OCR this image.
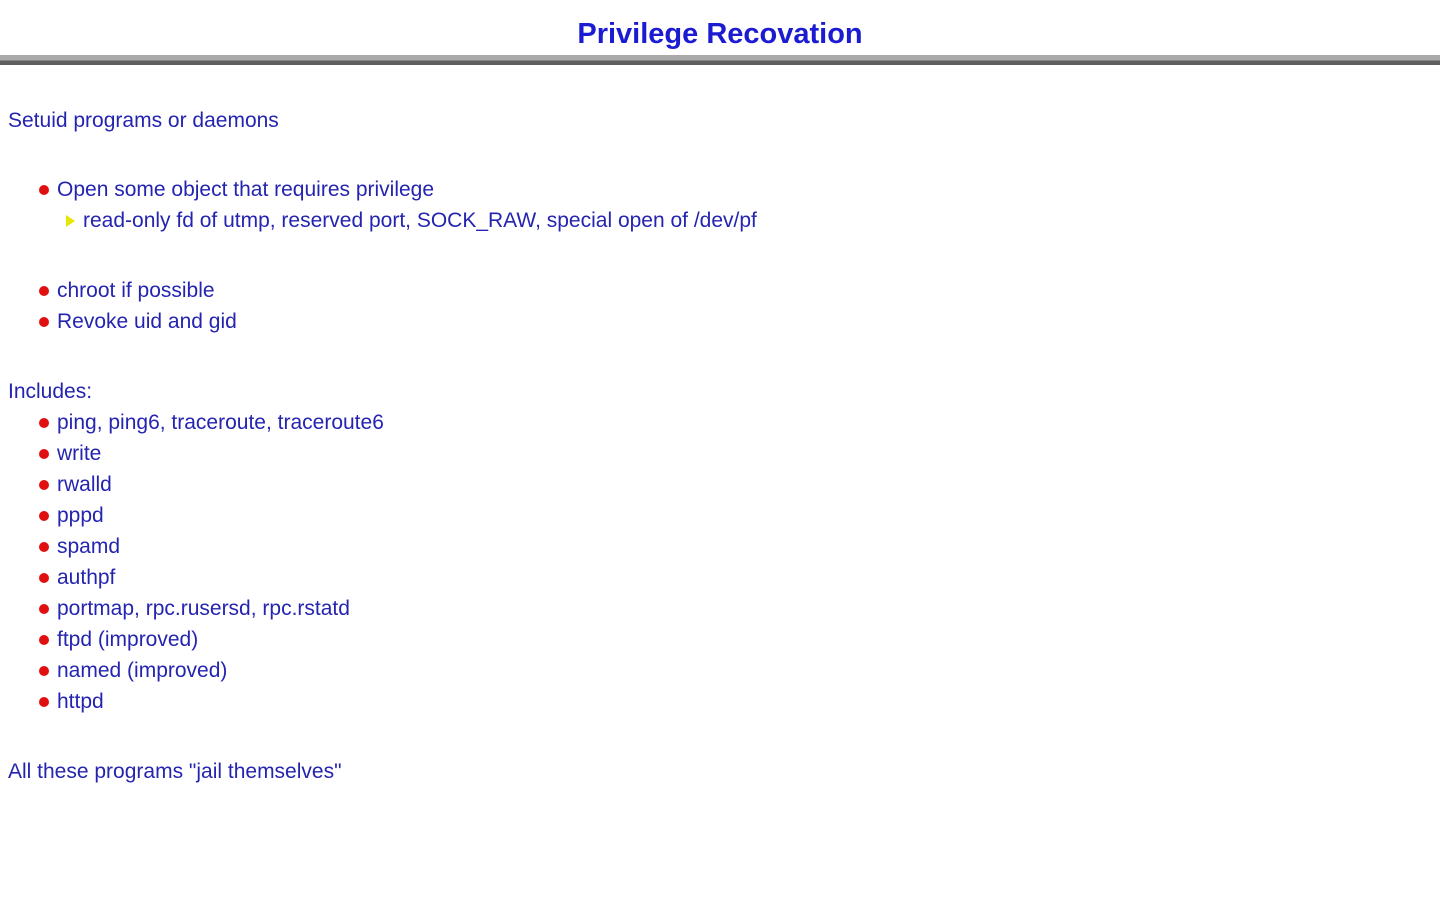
Privilege Recovation

Setuid programs or daemons

Open some object that requires privilege
read-only fd of utmp, reserved port, SOCK_RAW, special open of /dev/pf
chroot if possible
Revoke uid and gid

Includes:

ping, ping6, traceroute, traceroute6
write
rwalld
pppd
spamd
authpf
portmap, rpc.rusersd, rpc.rstatd
ftpd (improved)
named (improved)
httpd

All these programs "jail themselves"
